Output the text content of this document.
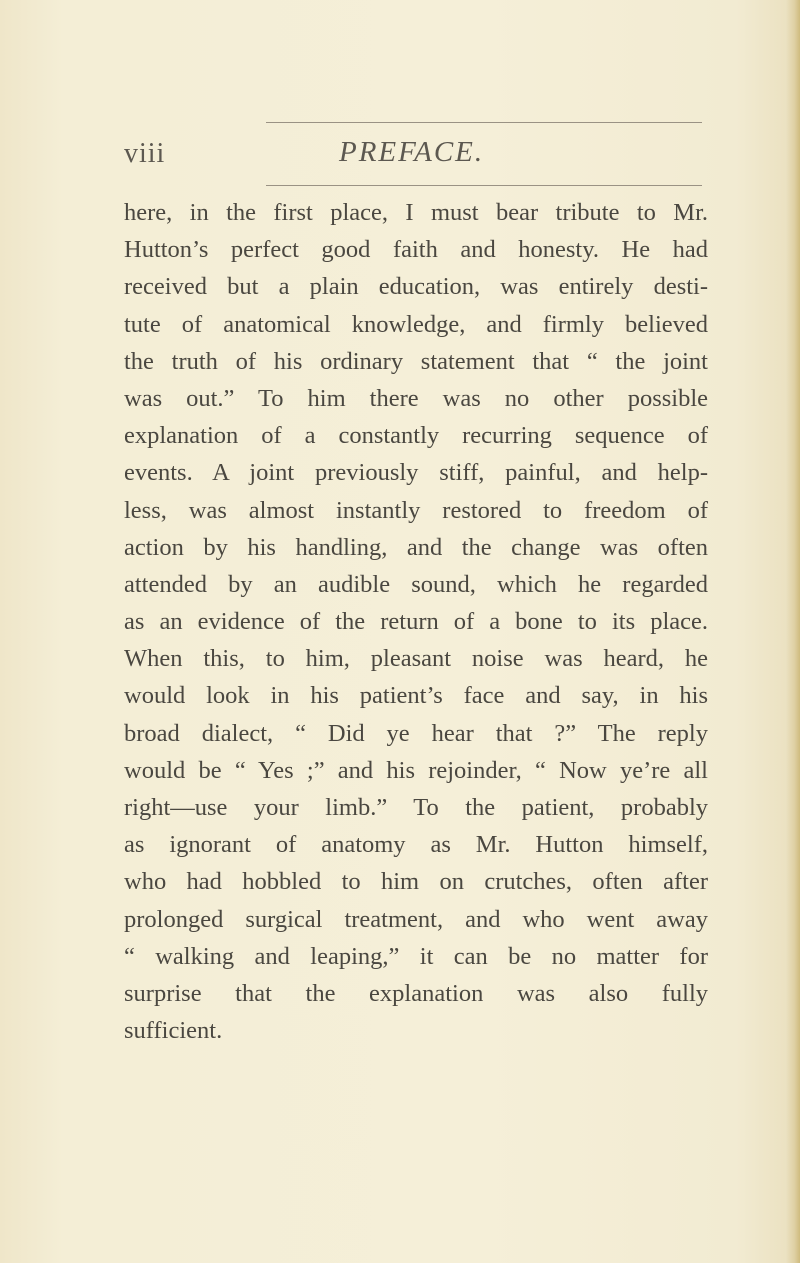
viii	PREFACE.
here, in the first place, I must bear tribute to Mr.
Hutton’s perfect good faith and honesty. He had
received but a plain education, was entirely desti-
tute of anatomical knowledge, and firmly believed
the truth of his ordinary statement that “ the joint
was out.” To him there was no other possible
explanation of a constantly recurring sequence of
events. A joint previously stiff, painful, and help-
less, was almost instantly restored to freedom of
action by his handling, and the change was often
attended by an audible sound, which he regarded
as an evidence of the return of a bone to its place.
When this, to him, pleasant noise was heard, he
would look in his patient’s face and say, in his
broad dialect, “ Did ye hear that ?” The reply
would be “ Yes ;” and his rejoinder, “ Now ye’re all
right—use your limb.” To the patient, probably
as ignorant of anatomy as Mr. Hutton himself,
who had hobbled to him on crutches, often after
prolonged surgical treatment, and who went away
“ walking and leaping,” it can be no matter for
surprise that the explanation was also fully
sufficient.
